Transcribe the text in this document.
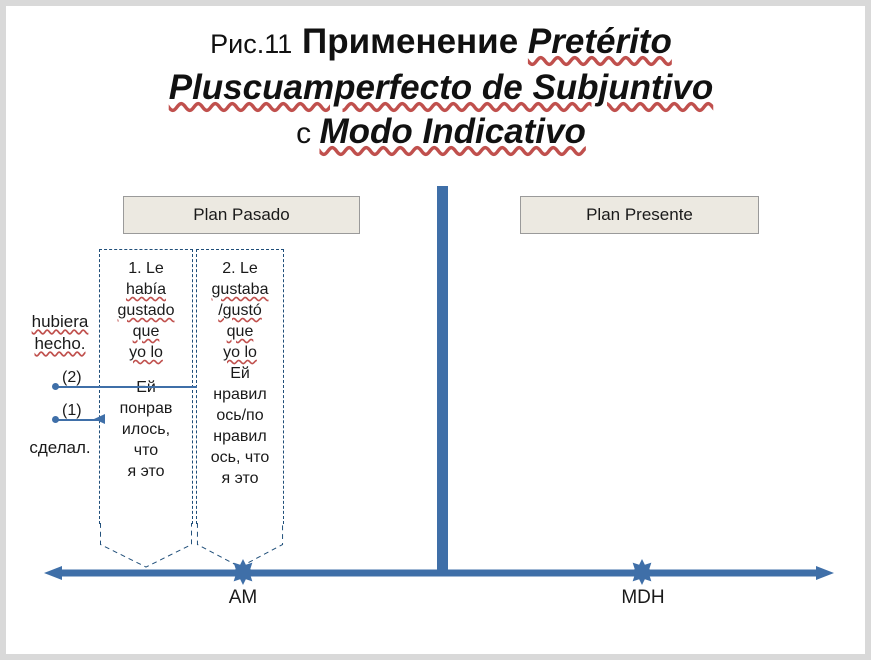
Рис.11 Применение Pretérito
Pluscuamperfecto de Subjuntivo
с Modo Indicativo
Plan Pasado	Plan Presente
1. Le
había
gustado
que
yo lo
понрав
илось,
что
я это
2. Le
gustaba
/gustó
que
yo lo
Ей
нравил
ось/по
нравил
ось, что
я это
hubiera
hecho.
сделал.
(2)
(1)
AM	MDH
